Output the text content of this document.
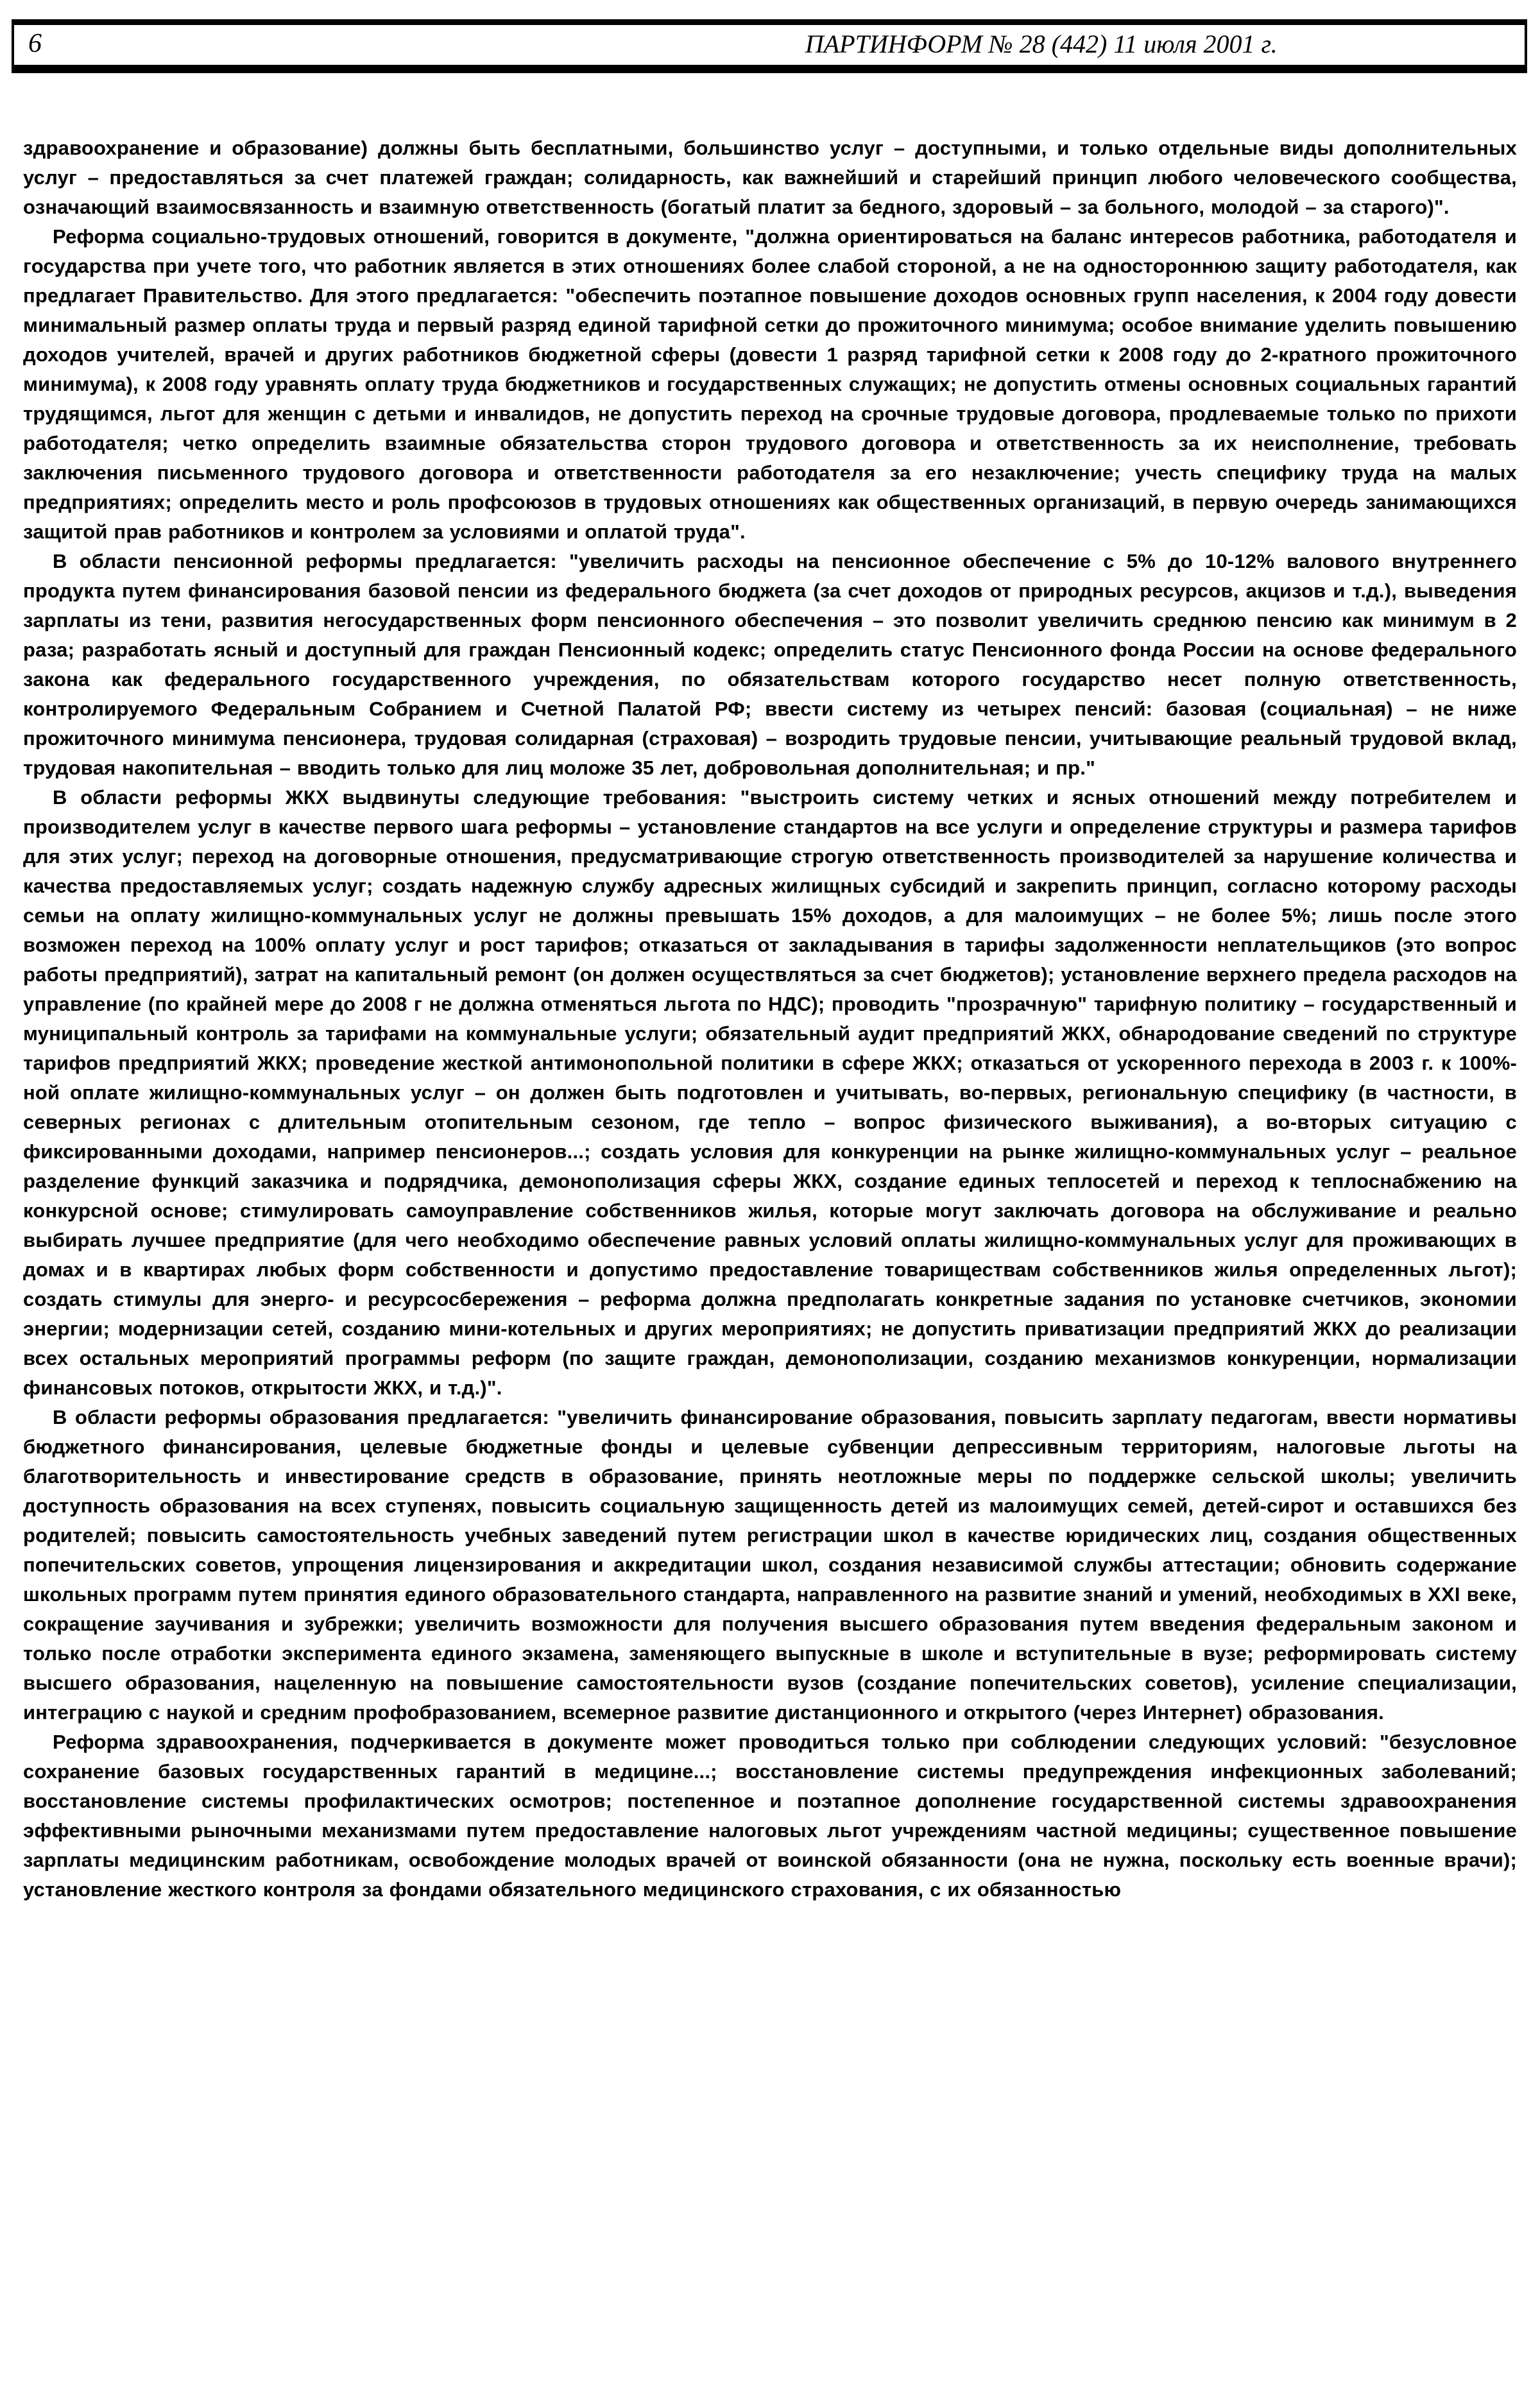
6	ПАРТИНФОРМ № 28 (442) 11 июля 2001 г.

здравоохранение и образование) должны быть бесплатными, большинство услуг – доступными, и только отдельные виды дополнительных услуг – предоставляться за счет платежей граждан; солидарность, как важнейший и старейший принцип любого человеческого сообщества, означающий взаимосвязанность и взаимную ответственность (богатый платит за бедного, здоровый – за больного, молодой – за старого)".

Реформа социально-трудовых отношений, говорится в документе, "должна ориентироваться на баланс интересов работника, работодателя и государства при учете того, что работник является в этих отношениях более слабой стороной, а не на одностороннюю защиту работодателя, как предлагает Правительство. Для этого предлагается: "обеспечить поэтапное повышение доходов основных групп населения, к 2004 году довести минимальный размер оплаты труда и первый разряд единой тарифной сетки до прожиточного минимума; особое внимание уделить повышению доходов учителей, врачей и других работников бюджетной сферы (довести 1 разряд тарифной сетки к 2008 году до 2-кратного прожиточного минимума), к 2008 году уравнять оплату труда бюджетников и государственных служащих; не допустить отмены основных социальных гарантий трудящимся, льгот для женщин с детьми и инвалидов, не допустить переход на срочные трудовые договора, продлеваемые только по прихоти работодателя; четко определить взаимные обязательства сторон трудового договора и ответственность за их неисполнение, требовать заключения письменного трудового договора и ответственности работодателя за его незаключение; учесть специфику труда на малых предприятиях; определить место и роль профсоюзов в трудовых отношениях как общественных организаций, в первую очередь занимающихся защитой прав работников и контролем за условиями и оплатой труда".

В области пенсионной реформы предлагается: "увеличить расходы на пенсионное обеспечение с 5% до 10-12% валового внутреннего продукта путем финансирования базовой пенсии из федерального бюджета (за счет доходов от природных ресурсов, акцизов и т.д.), выведения зарплаты из тени, развития негосударственных форм пенсионного обеспечения – это позволит увеличить среднюю пенсию как минимум в 2 раза; разработать ясный и доступный для граждан Пенсионный кодекс; определить статус Пенсионного фонда России на основе федерального закона как федерального государственного учреждения, по обязательствам которого государство несет полную ответственность, контролируемого Федеральным Собранием и Счетной Палатой РФ; ввести систему из четырех пенсий: базовая (социальная) – не ниже прожиточного минимума пенсионера, трудовая солидарная (страховая) – возродить трудовые пенсии, учитывающие реальный трудовой вклад, трудовая накопительная – вводить только для лиц моложе 35 лет, добровольная дополнительная; и пр."

В области реформы ЖКХ выдвинуты следующие требования: "выстроить систему четких и ясных отношений между потребителем и производителем услуг в качестве первого шага реформы – установление стандартов на все услуги и определение структуры и размера тарифов для этих услуг; переход на договорные отношения, предусматривающие строгую ответственность производителей за нарушение количества и качества предоставляемых услуг; создать надежную службу адресных жилищных субсидий и закрепить принцип, согласно которому расходы семьи на оплату жилищно-коммунальных услуг не должны превышать 15% доходов, а для малоимущих – не более 5%; лишь после этого возможен переход на 100% оплату услуг и рост тарифов; отказаться от закладывания в тарифы задолженности неплательщиков (это вопрос работы предприятий), затрат на капитальный ремонт (он должен осуществляться за счет бюджетов); установление верхнего предела расходов на управление (по крайней мере до 2008 г не должна отменяться льгота по НДС); проводить "прозрачную" тарифную политику – государственный и муниципальный контроль за тарифами на коммунальные услуги; обязательный аудит предприятий ЖКХ, обнародование сведений по структуре тарифов предприятий ЖКХ; проведение жесткой антимонопольной политики в сфере ЖКХ; отказаться от ускоренного перехода в 2003 г. к 100%-ной оплате жилищно-коммунальных услуг – он должен быть подготовлен и учитывать, во-первых, региональную специфику (в частности, в северных регионах с длительным отопительным сезоном, где тепло – вопрос физического выживания), а во-вторых ситуацию с фиксированными доходами, например пенсионеров...; создать условия для конкуренции на рынке жилищно-коммунальных услуг – реальное разделение функций заказчика и подрядчика, демонополизация сферы ЖКХ, создание единых теплосетей и переход к теплоснабжению на конкурсной основе; стимулировать самоуправление собственников жилья, которые могут заключать договора на обслуживание и реально выбирать лучшее предприятие (для чего необходимо обеспечение равных условий оплаты жилищно-коммунальных услуг для проживающих в домах и в квартирах любых форм собственности и допустимо предоставление товариществам собственников жилья определенных льгот); создать стимулы для энерго- и ресурсосбережения – реформа должна предполагать конкретные задания по установке счетчиков, экономии энергии; модернизации сетей, созданию мини-котельных и других мероприятиях; не допустить приватизации предприятий ЖКХ до реализации всех остальных мероприятий программы реформ (по защите граждан, демонополизации, созданию механизмов конкуренции, нормализации финансовых потоков, открытости ЖКХ, и т.д.)".

В области реформы образования предлагается: "увеличить финансирование образования, повысить зарплату педагогам, ввести нормативы бюджетного финансирования, целевые бюджетные фонды и целевые субвенции депрессивным территориям, налоговые льготы на благотворительность и инвестирование средств в образование, принять неотложные меры по поддержке сельской школы; увеличить доступность образования на всех ступенях, повысить социальную защищенность детей из малоимущих семей, детей-сирот и оставшихся без родителей; повысить самостоятельность учебных заведений путем регистрации школ в качестве юридических лиц, создания общественных попечительских советов, упрощения лицензирования и аккредитации школ, создания независимой службы аттестации; обновить содержание школьных программ путем принятия единого образовательного стандарта, направленного на развитие знаний и умений, необходимых в XXI веке, сокращение заучивания и зубрежки; увеличить возможности для получения высшего образования путем введения федеральным законом и только после отработки эксперимента единого экзамена, заменяющего выпускные в школе и вступительные в вузе; реформировать систему высшего образования, нацеленную на повышение самостоятельности вузов (создание попечительских советов), усиление специализации, интеграцию с наукой и средним профобразованием, всемерное развитие дистанционного и открытого (через Интернет) образования.

Реформа здравоохранения, подчеркивается в документе может проводиться только при соблюдении следующих условий: "безусловное сохранение базовых государственных гарантий в медицине...; восстановление системы предупреждения инфекционных заболеваний; восстановление системы профилактических осмотров; постепенное и поэтапное дополнение государственной системы здравоохранения эффективными рыночными механизмами путем предоставление налоговых льгот учреждениям частной медицины; существенное повышение зарплаты медицинским работникам, освобождение молодых врачей от воинской обязанности (она не нужна, поскольку есть военные врачи); установление жесткого контроля за фондами обязательного медицинского страхования, с их обязанностью
